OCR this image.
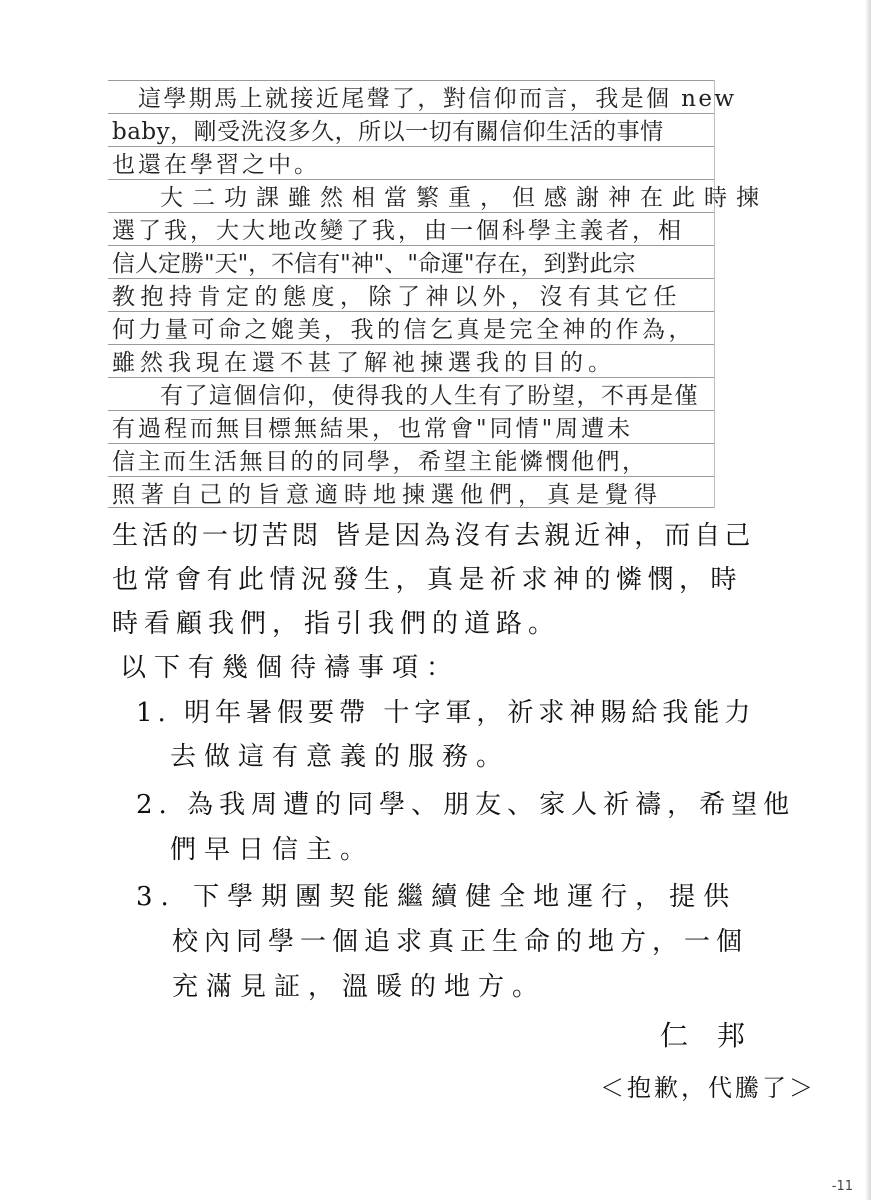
這學期馬上就接近尾聲了，對信仰而言，我是個 new
baby，剛受洗沒多久，所以一切有關信仰生活的事情
也還在學習之中。
大二功課雖然相當繁重，但感謝神在此時揀
選了我，大大地改變了我，由一個科學主義者，相
信人定勝"天"，不信有"神"、"命運"存在，到對此宗
教抱持肯定的態度，除了神以外，沒有其它任
何力量可命之媲美，我的信乞真是完全神的作為，
雖然我現在還不甚了解祂揀選我的目的。
有了這個信仰，使得我的人生有了盼望，不再是僅
有過程而無目標無結果，也常會"同情"周遭未
信主而生活無目的的同學，希望主能憐憫他們，
照著自己的旨意適時地揀選他們，真是覺得
生活的一切苦悶 皆是因為沒有去親近神，而自己
也常會有此情況發生，真是祈求神的憐憫，時
時看顧我們，指引我們的道路。
以下有幾個待禱事項：
1. 明年暑假要帶 十字軍，祈求神賜給我能力
去做這有意義的服務。
2. 為我周遭的同學、朋友、家人祈禱，希望他
們早日信主。
3. 下學期團契能繼續健全地運行，提供
校內同學一個追求真正生命的地方，一個
充滿見証，溫暖的地方。
仁 邦
＜抱歉，代騰了＞
-11
